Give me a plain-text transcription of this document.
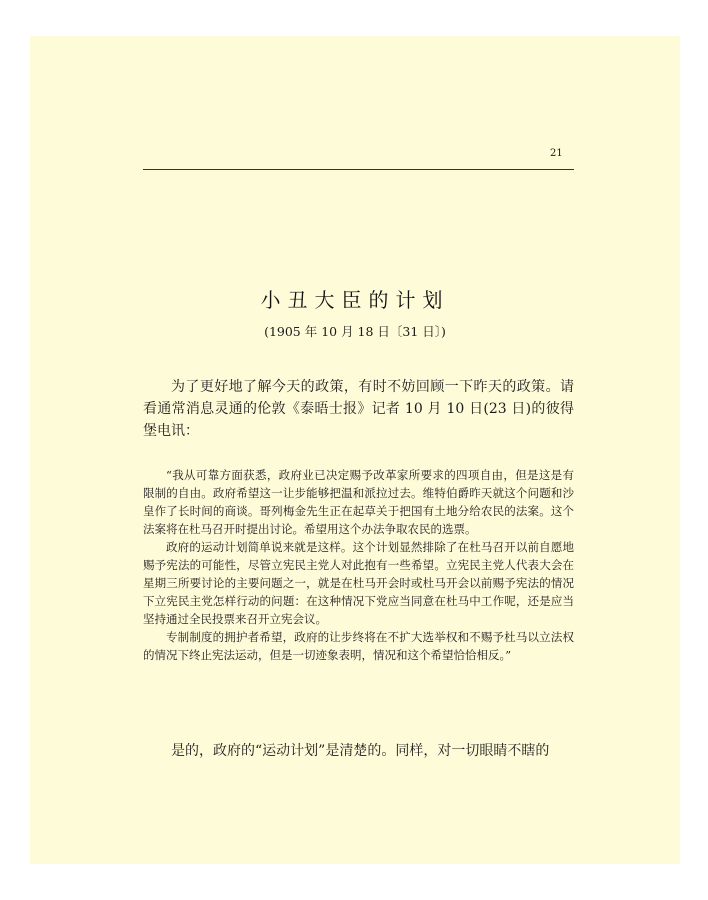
21
小丑大臣的计划
(1905 年 10 月 18 日〔31 日〕)

为了更好地了解今天的政策，有时不妨回顾一下昨天的政策。请看通常消息灵通的伦敦《泰晤士报》记者 10 月 10 日(23 日)的彼得堡电讯：

“我从可靠方面获悉，政府业已决定赐予改革家所要求的四项自由，但是这是有限制的自由。政府希望这一让步能够把温和派拉过去。维特伯爵昨天就这个问题和沙皇作了长时间的商谈。哥列梅金先生正在起草关于把国有土地分给农民的法案。这个法案将在杜马召开时提出讨论。希望用这个办法争取农民的选票。

政府的运动计划简单说来就是这样。这个计划显然排除了在杜马召开以前自愿地赐予宪法的可能性，尽管立宪民主党人对此抱有一些希望。立宪民主党人代表大会在星期三所要讨论的主要问题之一，就是在杜马开会时或杜马开会以前赐予宪法的情况下立宪民主党怎样行动的问题：在这种情况下党应当同意在杜马中工作呢，还是应当坚持通过全民投票来召开立宪会议。

专制制度的拥护者希望，政府的让步终将在不扩大选举权和不赐予杜马以立法权的情况下终止宪法运动，但是一切迹象表明，情况和这个希望恰恰相反。”

是的，政府的“运动计划”是清楚的。同样，对一切眼睛不瞎的
